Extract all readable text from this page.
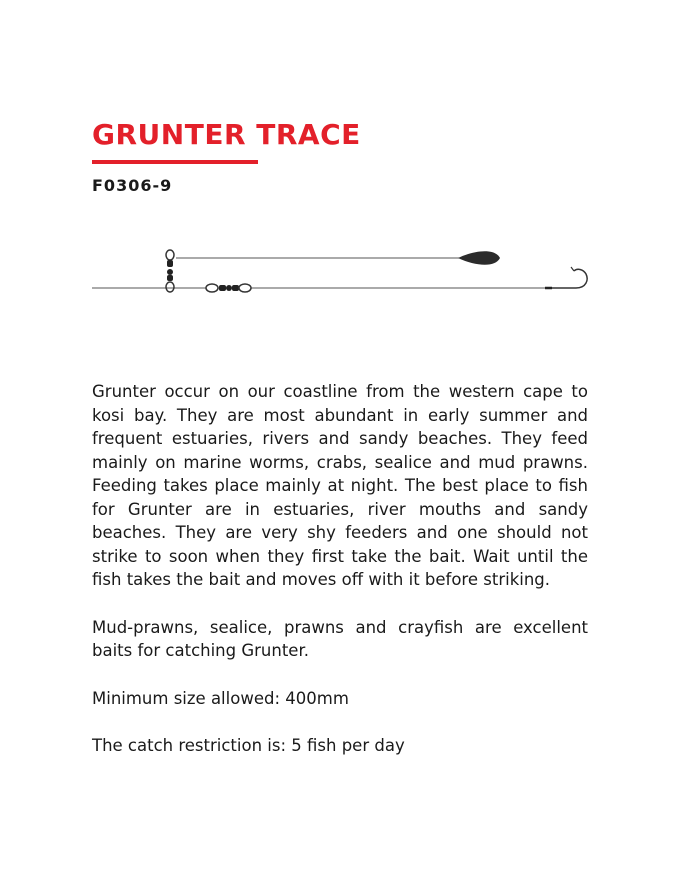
GRUNTER TRACE
F0306-9

Grunter occur on our coastline from the western cape to kosi bay. They are most abundant in early summer and frequent estuaries, rivers and sandy beaches. They feed mainly on marine worms, crabs, sealice and mud prawns. Feeding takes place mainly at night. The best place to fish for Grunter are in estuaries, river mouths and sandy beaches. They are very shy feeders and one should not strike to soon when they first take the bait. Wait until the fish takes the bait and moves off with it before striking.

Mud-prawns, sealice, prawns and crayfish are excellent baits for catching Grunter.

Minimum size allowed: 400mm

The catch restriction is: 5 fish per day
